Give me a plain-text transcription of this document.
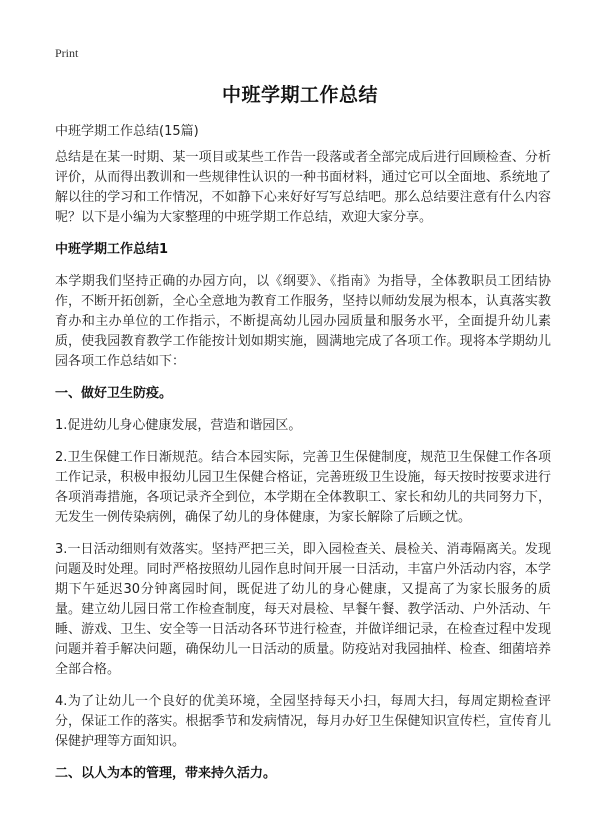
Print
中班学期工作总结
中班学期工作总结(15篇)

总结是在某一时期、某一项目或某些工作告一段落或者全部完成后进行回顾检查、分析评价，从而得出教训和一些规律性认识的一种书面材料，通过它可以全面地、系统地了解以往的学习和工作情况，不如静下心来好好写写总结吧。那么总结要注意有什么内容呢？以下是小编为大家整理的中班学期工作总结，欢迎大家分享。

中班学期工作总结1

本学期我们坚持正确的办园方向，以《纲要》、《指南》为指导，全体教职员工团结协作，不断开拓创新，全心全意地为教育工作服务，坚持以师幼发展为根本，认真落实教育办和主办单位的工作指示，不断提高幼儿园办园质量和服务水平，全面提升幼儿素质，使我园教育教学工作能按计划如期实施，圆满地完成了各项工作。现将本学期幼儿园各项工作总结如下：

一、做好卫生防疫。

1.促进幼儿身心健康发展，营造和谐园区。

2.卫生保健工作日渐规范。结合本园实际，完善卫生保健制度，规范卫生保健工作各项工作记录，积极申报幼儿园卫生保健合格证，完善班级卫生设施，每天按时按要求进行各项消毒措施，各项记录齐全到位，本学期在全体教职工、家长和幼儿的共同努力下，无发生一例传染病例，确保了幼儿的身体健康，为家长解除了后顾之忧。

3.一日活动细则有效落实。坚持严把三关，即入园检查关、晨检关、消毒隔离关。发现问题及时处理。同时严格按照幼儿园作息时间开展一日活动，丰富户外活动内容，本学期下午延迟30分钟离园时间，既促进了幼儿的身心健康，又提高了为家长服务的质量。建立幼儿园日常工作检查制度，每天对晨检、早餐午餐、教学活动、户外活动、午睡、游戏、卫生、安全等一日活动各环节进行检查，并做详细记录，在检查过程中发现问题并着手解决问题，确保幼儿一日活动的质量。防疫站对我园抽样、检查、细菌培养全部合格。

4.为了让幼儿一个良好的优美环境，全园坚持每天小扫，每周大扫，每周定期检查评分，保证工作的落实。根据季节和发病情况，每月办好卫生保健知识宣传栏，宣传育儿保健护理等方面知识。

二、以人为本的管理，带来持久活力。
